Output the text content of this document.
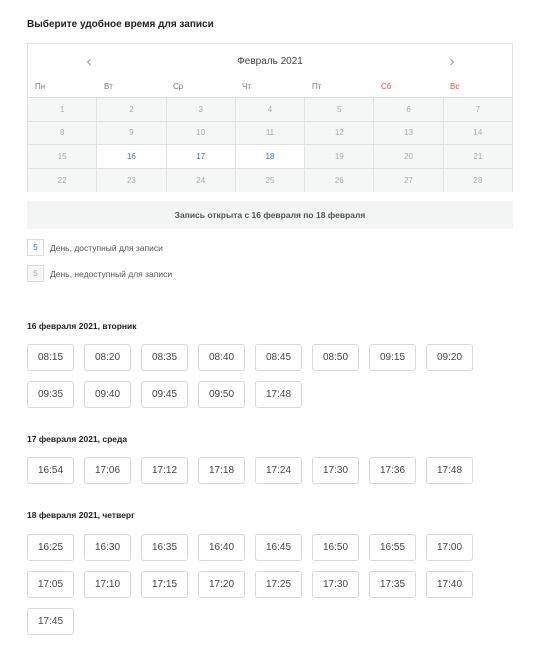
Выберите удобное время для записи
‹	Февраль 2021	›
Пн	Вт	Ср	Чт	Пт	Сб	Вс
1	2	3	4	5	6	7
8	9	10	11	12	13	14
15	16	17	18	19	20	21
22	23	24	25	26	27	28
Запись открыта с 16 февраля по 18 февраля
5	День, доступный для записи
5	День, недоступный для записи
16 февраля 2021, вторник
08:15	08:20	08:35	08:40	08:45	08:50	09:15	09:20
09:35	09:40	09:45	09:50	17:48
17 февраля 2021, среда
16:54	17:06	17:12	17:18	17:24	17:30	17:36	17:48
18 февраля 2021, четверг
16:25	16:30	16:35	16:40	16:45	16:50	16:55	17:00
17:05	17:10	17:15	17:20	17:25	17:30	17:35	17:40
17:45
